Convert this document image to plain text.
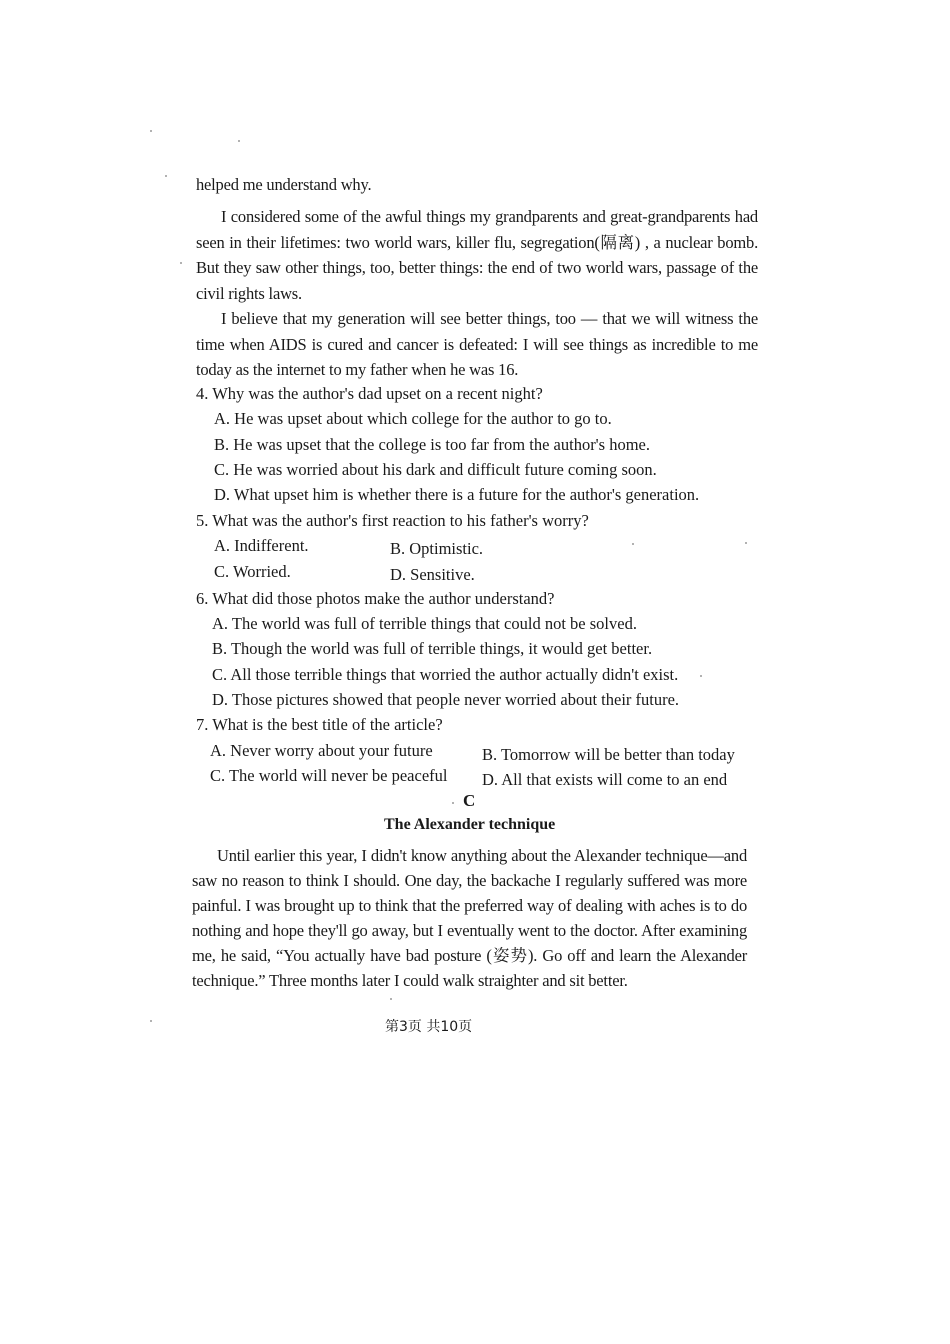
helped me understand why.
I considered some of the awful things my grandparents and great-grandparents had seen in their lifetimes: two world wars, killer flu, segregation(隔离) , a nuclear bomb. But they saw other things, too, better things: the end of two world wars, passage of the civil rights laws.
I believe that my generation will see better things, too — that we will witness the time when AIDS is cured and cancer is defeated: I will see things as incredible to me today as the internet to my father when he was 16.
4. Why was the author's dad upset on a recent night?
A. He was upset about which college for the author to go to.
B. He was upset that the college is too far from the author's home.
C. He was worried about his dark and difficult future coming soon.
D. What upset him is whether there is a future for the author's generation.
5. What was the author's first reaction to his father's worry?
A. Indifferent.	B. Optimistic.
C. Worried.	D. Sensitive.
6. What did those photos make the author understand?
A. The world was full of terrible things that could not be solved.
B. Though the world was full of terrible things, it would get better.
C. All those terrible things that worried the author actually didn't exist.
D. Those pictures showed that people never worried about their future.
7. What is the best title of the article?
A. Never worry about your future	B. Tomorrow will be better than today
C. The world will never be peaceful D. All that exists will come to an end
C
The Alexander technique
Until earlier this year, I didn't know anything about the Alexander technique—and saw no reason to think I should. One day, the backache I regularly suffered was more painful. I was brought up to think that the preferred way of dealing with aches is to do nothing and hope they'll go away, but I eventually went to the doctor. After examining me, he said, “You actually have bad posture (姿势). Go off and learn the Alexander technique.” Three months later I could walk straighter and sit better.
第3页 共10页
